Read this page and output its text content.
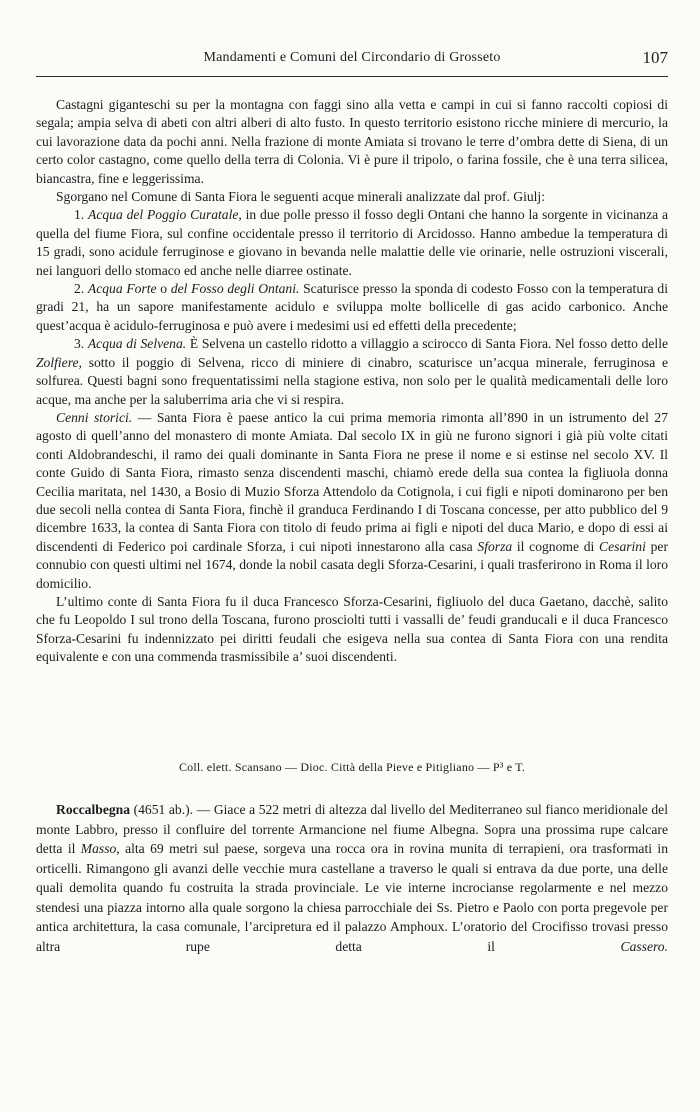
Mandamenti e Comuni del Circondario di Grosseto	107

Castagni giganteschi su per la montagna con faggi sino alla vetta e campi in cui si fanno raccolti copiosi di segala; ampia selva di abeti con altri alberi di alto fusto. In questo territorio esistono ricche miniere di mercurio, la cui lavorazione data da pochi anni. Nella frazione di monte Amiata si trovano le terre d’ombra dette di Siena, di un certo color castagno, come quello della terra di Colonia. Vi è pure il tripolo, o farina fossile, che è una terra silicea, biancastra, fine e leggerissima.

Sgorgano nel Comune di Santa Fiora le seguenti acque minerali analizzate dal prof. Giulj:

1. Acqua del Poggio Curatale, in due polle presso il fosso degli Ontani che hanno la sorgente in vicinanza a quella del fiume Fiora, sul confine occidentale presso il territorio di Arcidosso. Hanno ambedue la temperatura di 15 gradi, sono acidule ferruginose e giovano in bevanda nelle malattie delle vie orinarie, nelle ostruzioni viscerali, nei languori dello stomaco ed anche nelle diarree ostinate.

2. Acqua Forte o del Fosso degli Ontani. Scaturisce presso la sponda di codesto Fosso con la temperatura di gradi 21, ha un sapore manifestamente acidulo e sviluppa molte bollicelle di gas acido carbonico. Anche quest’acqua è acidulo-ferruginosa e può avere i medesimi usi ed effetti della precedente;

3. Acqua di Selvena. È Selvena un castello ridotto a villaggio a scirocco di Santa Fiora. Nel fosso detto delle Zolfiere, sotto il poggio di Selvena, ricco di miniere di cinabro, scaturisce un’acqua minerale, ferruginosa e solfurea. Questi bagni sono frequentatissimi nella stagione estiva, non solo per le qualità medicamentali delle loro acque, ma anche per la saluberrima aria che vi si respira.

Cenni storici. — Santa Fiora è paese antico la cui prima memoria rimonta all’890 in un istrumento del 27 agosto di quell’anno del monastero di monte Amiata. Dal secolo IX in giù ne furono signori i già più volte citati conti Aldobrandeschi, il ramo dei quali dominante in Santa Fiora ne prese il nome e si estinse nel secolo XV. Il conte Guido di Santa Fiora, rimasto senza discendenti maschi, chiamò erede della sua contea la figliuola donna Cecilia maritata, nel 1430, a Bosio di Muzio Sforza Attendolo da Cotignola, i cui figli e nipoti dominarono per ben due secoli nella contea di Santa Fiora, finchè il granduca Ferdinando I di Toscana concesse, per atto pubblico del 9 dicembre 1633, la contea di Santa Fiora con titolo di feudo prima ai figli e nipoti del duca Mario, e dopo di essi ai discendenti di Federico poi cardinale Sforza, i cui nipoti innestarono alla casa Sforza il cognome di Cesarini per connubio con questi ultimi nel 1674, donde la nobil casata degli Sforza-Cesarini, i quali trasferirono in Roma il loro domicilio.

L’ultimo conte di Santa Fiora fu il duca Francesco Sforza-Cesarini, figliuolo del duca Gaetano, dacchè, salito che fu Leopoldo I sul trono della Toscana, furono prosciolti tutti i vassalli de’ feudi granducali e il duca Francesco Sforza-Cesarini fu indennizzato pei diritti feudali che esigeva nella sua contea di Santa Fiora con una rendita equivalente e con una commenda trasmissibile a’ suoi discendenti.

Coll. elett. Scansano — Dioc. Città della Pieve e Pitigliano — P³ e T.

Roccalbegna (4651 ab.). — Giace a 522 metri di altezza dal livello del Mediterraneo sul fianco meridionale del monte Labbro, presso il confluire del torrente Armancione nel fiume Albegna. Sopra una prossima rupe calcare detta il Masso, alta 69 metri sul paese, sorgeva una rocca ora in rovina munita di terrapieni, ora trasformati in orticelli. Rimangono gli avanzi delle vecchie mura castellane a traverso le quali si entrava da due porte, una delle quali demolita quando fu costruita la strada provinciale. Le vie interne incrocianse regolarmente e nel mezzo stendesi una piazza intorno alla quale sorgono la chiesa parrocchiale dei Ss. Pietro e Paolo con porta pregevole per antica architettura, la casa comunale, l’arcipretura ed il palazzo Amphoux. L’oratorio del Crocifisso trovasi presso altra rupe detta il	Cassero.
